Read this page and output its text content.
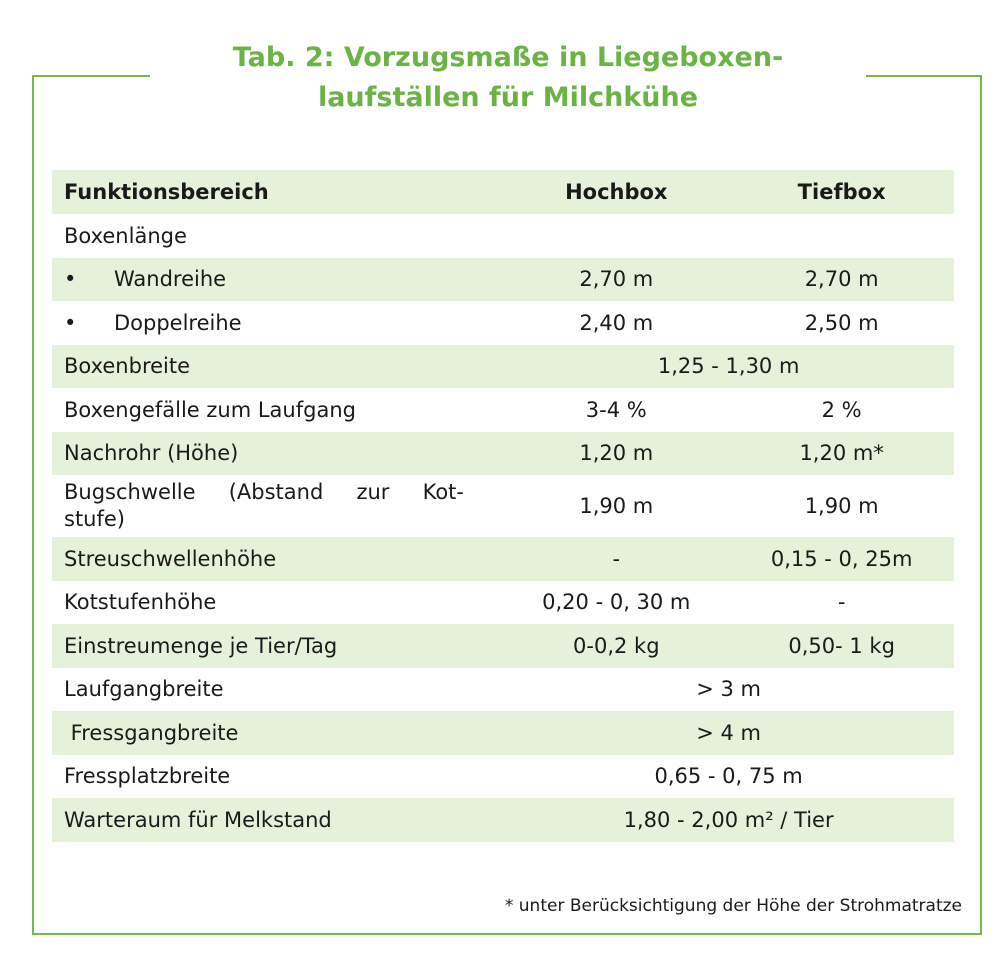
Tab. 2: Vorzugsmaße in Liegeboxen-
laufställen für Milchkühe
Funktionsbereich	Hochbox	Tiefbox
Boxenlänge		
• Wandreihe	2,70 m	2,70 m
• Doppelreihe	2,40 m	2,50 m
Boxenbreite	1,25 - 1,30 m	
Boxengefälle zum Laufgang	3-4 %	2 %
Nachrohr (Höhe)	1,20 m	1,20 m*

Bugschwelle (Abstand zur Kot-
stufe)	1,90 m	1,90 m
Streuschwellenhöhe	-	0,15 - 0, 25m
Kotstufenhöhe	0,20 - 0, 30 m	-
Einstreumenge je Tier/Tag	0-0,2 kg	0,50- 1 kg
Laufgangbreite	> 3 m	
Fressgangbreite	> 4 m	
Fressplatzbreite	0,65 - 0, 75 m	
Warteraum für Melkstand	1,80 - 2,00 m² / Tier	
* unter Berücksichtigung der Höhe der Strohmatratze
